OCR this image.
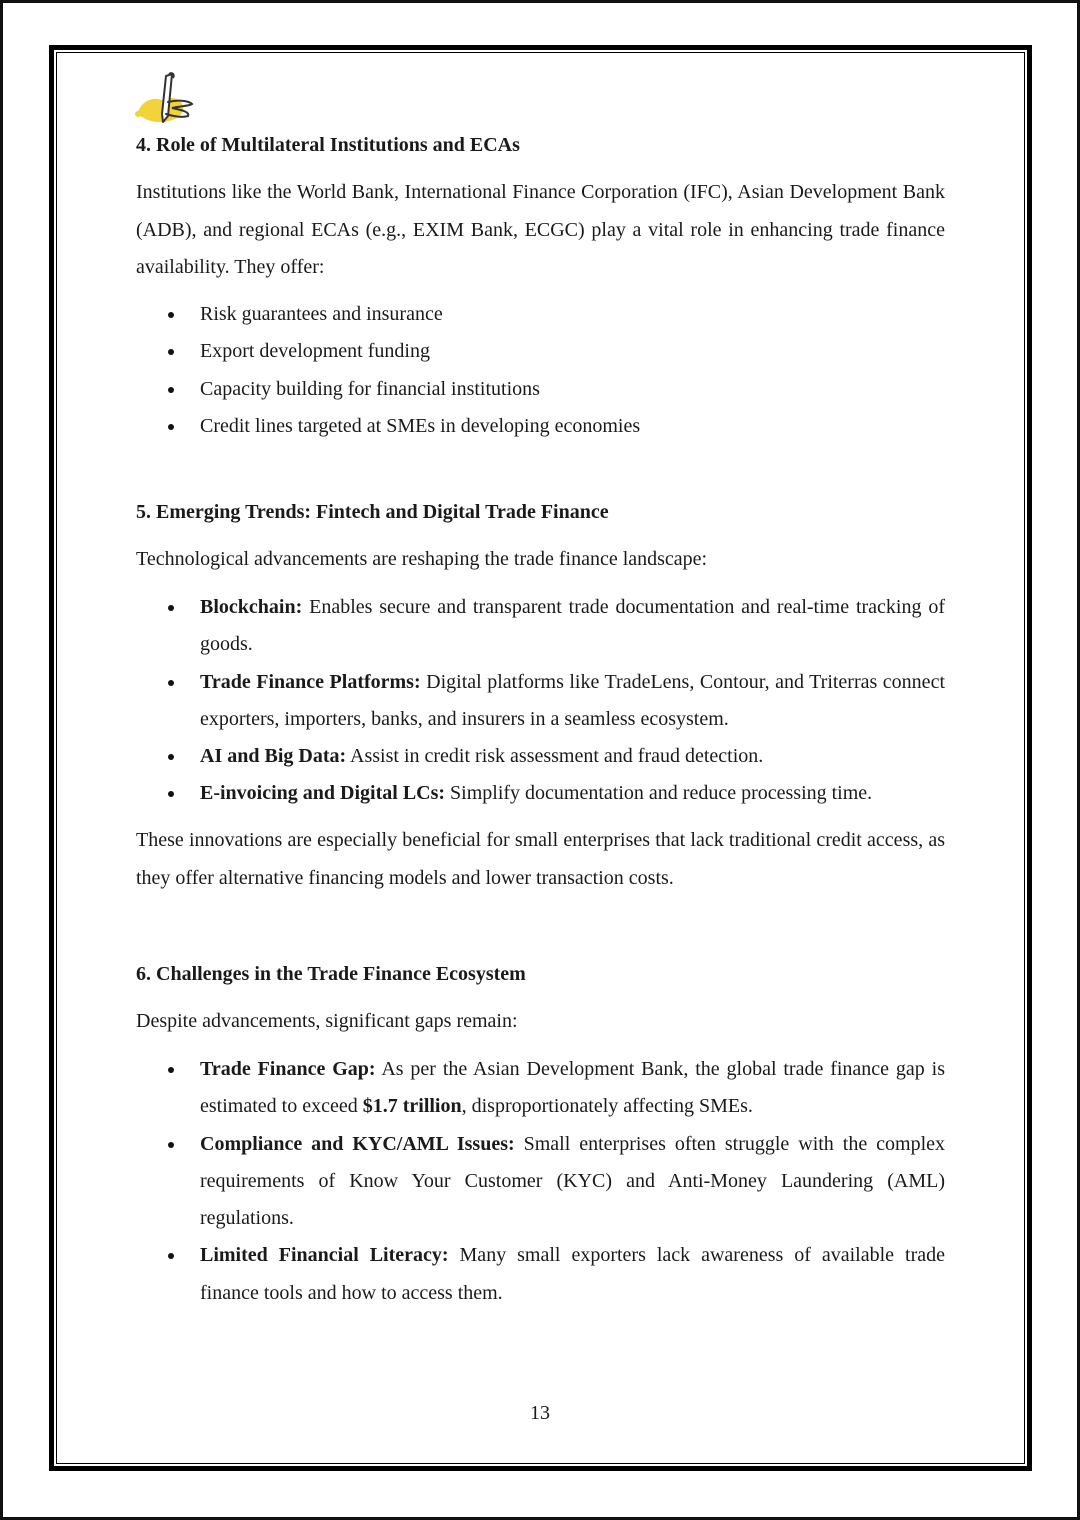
4. Role of Multilateral Institutions and ECAs

Institutions like the World Bank, International Finance Corporation (IFC), Asian Development Bank (ADB), and regional ECAs (e.g., EXIM Bank, ECGC) play a vital role in enhancing trade finance availability. They offer:

Risk guarantees and insurance
Export development funding
Capacity building for financial institutions
Credit lines targeted at SMEs in developing economies
5. Emerging Trends: Fintech and Digital Trade Finance

Technological advancements are reshaping the trade finance landscape:

Blockchain: Enables secure and transparent trade documentation and real-time tracking of goods.
Trade Finance Platforms: Digital platforms like TradeLens, Contour, and Triterras connect exporters, importers, banks, and insurers in a seamless ecosystem.
AI and Big Data: Assist in credit risk assessment and fraud detection.
E-invoicing and Digital LCs: Simplify documentation and reduce processing time.

These innovations are especially beneficial for small enterprises that lack traditional credit access, as they offer alternative financing models and lower transaction costs.

6. Challenges in the Trade Finance Ecosystem

Despite advancements, significant gaps remain:

Trade Finance Gap: As per the Asian Development Bank, the global trade finance gap is estimated to exceed $1.7 trillion, disproportionately affecting SMEs.
Compliance and KYC/AML Issues: Small enterprises often struggle with the complex requirements of Know Your Customer (KYC) and Anti-Money Laundering (AML) regulations.
Limited Financial Literacy: Many small exporters lack awareness of available trade finance tools and how to access them.
13
